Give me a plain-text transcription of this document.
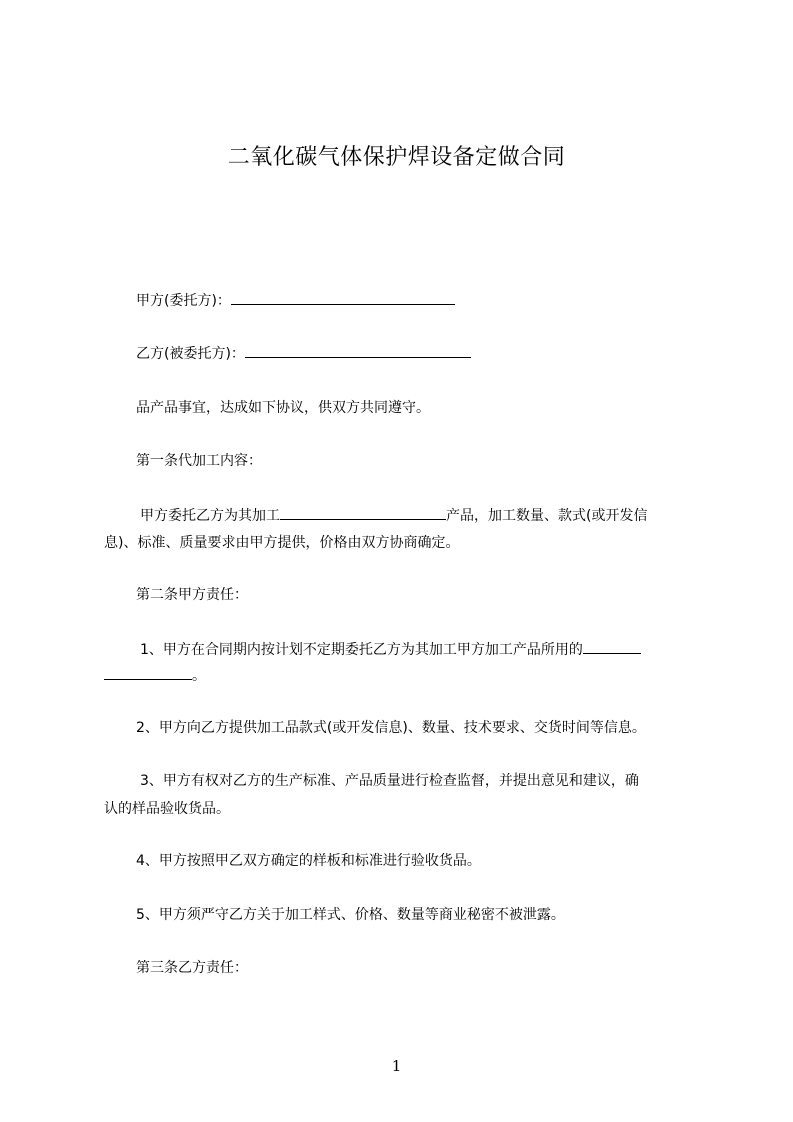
二氧化碳气体保护焊设备定做合同
甲方(委托方)：
乙方(被委托方)：
品产品事宜，达成如下协议，供双方共同遵守。
第一条代加工内容：
甲方委托乙方为其加工	产品，加工数量、款式(或开发信
息)、标准、质量要求由甲方提供，价格由双方协商确定。
第二条甲方责任：
1、甲方在合同期内按计划不定期委托乙方为其加工甲方加工产品所用的
。
2、甲方向乙方提供加工品款式(或开发信息)、数量、技术要求、交货时间等信息。
3、甲方有权对乙方的生产标准、产品质量进行检查监督，并提出意见和建议，确
认的样品验收货品。
4、甲方按照甲乙双方确定的样板和标准进行验收货品。
5、甲方须严守乙方关于加工样式、价格、数量等商业秘密不被泄露。
第三条乙方责任：
1
